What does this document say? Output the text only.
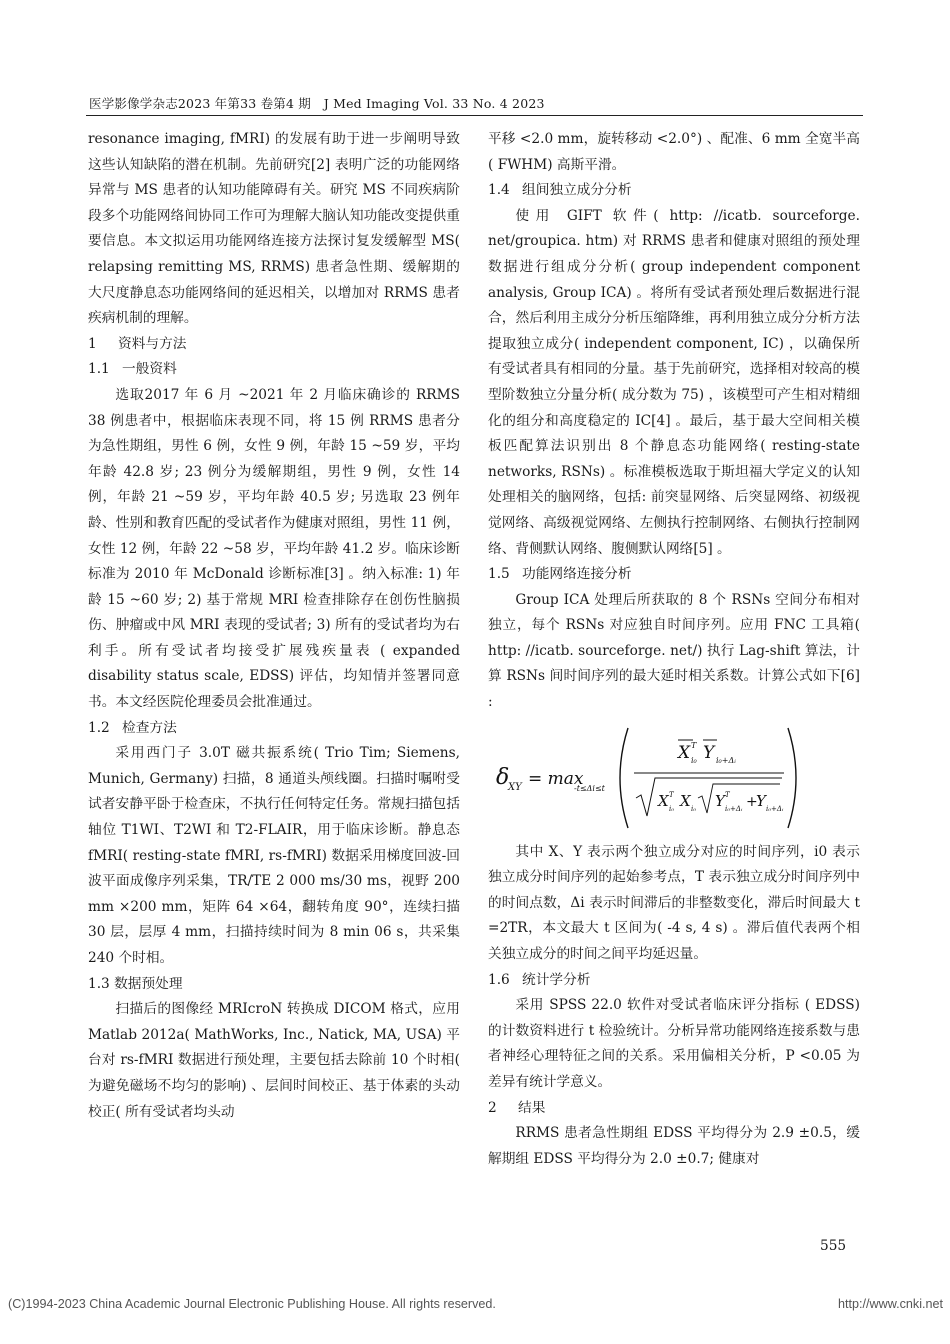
医学影像学杂志2023 年第33 卷第4 期　J Med Imaging Vol. 33 No. 4 2023

resonance imaging, fMRI) 的发展有助于进一步阐明导致这些认知缺陷的潜在机制。先前研究[2] 表明广泛的功能网络异常与 MS 患者的认知功能障碍有关。研究 MS 不同疾病阶段多个功能网络间协同工作可为理解大脑认知功能改变提供重要信息。本文拟运用功能网络连接方法探讨复发缓解型 MS( relapsing remitting MS, RRMS) 患者急性期、缓解期的大尺度静息态功能网络间的延迟相关，以增加对 RRMS 患者疾病机制的理解。

1 资料与方法
1.1 一般资料

选取2017 年 6 月 ~2021 年 2 月临床确诊的 RRMS 38 例患者中，根据临床表现不同，将 15 例 RRMS 患者分为急性期组，男性 6 例，女性 9 例，年龄 15 ~59 岁，平均年龄 42.8 岁; 23 例分为缓解期组，男性 9 例，女性 14 例，年龄 21 ~59 岁，平均年龄 40.5 岁; 另选取 23 例年龄、性别和教育匹配的受试者作为健康对照组，男性 11 例，女性 12 例，年龄 22 ~58 岁，平均年龄 41.2 岁。临床诊断标准为 2010 年 McDonald 诊断标准[3] 。纳入标准: 1) 年龄 15 ~60 岁; 2) 基于常规 MRI 检查排除存在创伤性脑损伤、肿瘤或中风 MRI 表现的受试者; 3) 所有的受试者均为右利手。所有受试者均接受扩展残疾量表 ( expanded disability status scale, EDSS) 评估，均知情并签署同意书。本文经医院伦理委员会批准通过。

1.2 检查方法

采用西门子 3.0T 磁共振系统( Trio Tim; Siemens, Munich, Germany) 扫描，8 通道头颅线圈。扫描时嘱咐受试者安静平卧于检查床，不执行任何特定任务。常规扫描包括轴位 T1WI、T2WI 和 T2-FLAIR，用于临床诊断。静息态 fMRI( resting-state fMRI, rs-fMRI) 数据采用梯度回波-回波平面成像序列采集，TR/TE 2 000 ms/30 ms，视野 200 mm ×200 mm，矩阵 64 ×64，翻转角度 90°，连续扫描 30 层，层厚 4 mm，扫描持续时间为 8 min 06 s，共采集 240 个时相。

1.3 数据预处理

扫描后的图像经 MRIcroN 转换成 DICOM 格式，应用 Matlab 2012a( MathWorks, Inc., Natick, MA, USA) 平台对 rs-fMRI 数据进行预处理，主要包括去除前 10 个时相( 为避免磁场不均匀的影响) 、层间时间校正、基于体素的头动校正( 所有受试者均头动

平移 <2.0 mm，旋转移动 <2.0°) 、配准、6 mm 全宽半高( FWHM) 高斯平滑。

1.4 组间独立成分分析

使用 GIFT 软件( http: //icatb. sourceforge. net/groupica. htm) 对 RRMS 患者和健康对照组的预处理数据进行组成分分析( group independent component analysis, Group ICA) 。将所有受试者预处理后数据进行混合，然后利用主成分分析压缩降维，再利用独立成分分析方法提取独立成分( independent component, IC) ，以确保所有受试者具有相同的分量。基于先前研究，选择相对较高的模型阶数独立分量分析( 成分数为 75) ，该模型可产生相对精细化的组分和高度稳定的 IC[4] 。最后，基于最大空间相关模板匹配算法识别出 8 个静息态功能网络( resting-state networks, RSNs) 。标准模板选取于斯坦福大学定义的认知处理相关的脑网络，包括: 前突显网络、后突显网络、初级视觉网络、高级视觉网络、左侧执行控制网络、右侧执行控制网络、背侧默认网络、腹侧默认网络[5] 。

1.5 功能网络连接分析

Group ICA 处理后所获取的 8 个 RSNs 空间分布相对独立，每个 RSNs 对应独自时间序列。应用 FNC 工具箱( http: //icatb. sourceforge. net/) 执行 Lag-shift 算法，计算 RSNs 间时间序列的最大延时相关系数。计算公式如下[6] :

δ
XY = max
-t≤Δi≤t
X T
i₀ Y i₀+Δᵢ
X T
i₀ X i₀ Y T
i₀+Δᵢ +
Y i₀+Δᵢ

其中 X、Y 表示两个独立成分对应的时间序列，i0 表示独立成分时间序列的起始参考点，T 表示独立成分时间序列中的时间点数，Δi 表示时间滞后的非整数变化，滞后时间最大 t =2TR，本文最大 t 区间为( -4 s, 4 s) 。滞后值代表两个相关独立成分的时间之间平均延迟量。

1.6 统计学分析

采用 SPSS 22.0 软件对受试者临床评分指标 ( EDSS) 的计数资料进行 t 检验统计。分析异常功能网络连接系数与患者神经心理特征之间的关系。采用偏相关分析，P <0.05 为差异有统计学意义。

2 结果

RRMS 患者急性期组 EDSS 平均得分为 2.9 ±0.5，缓解期组 EDSS 平均得分为 2.0 ±0.7; 健康对

555
(C)1994-2023 China Academic Journal Electronic Publishing House. All rights reserved.	http://www.cnki.net
